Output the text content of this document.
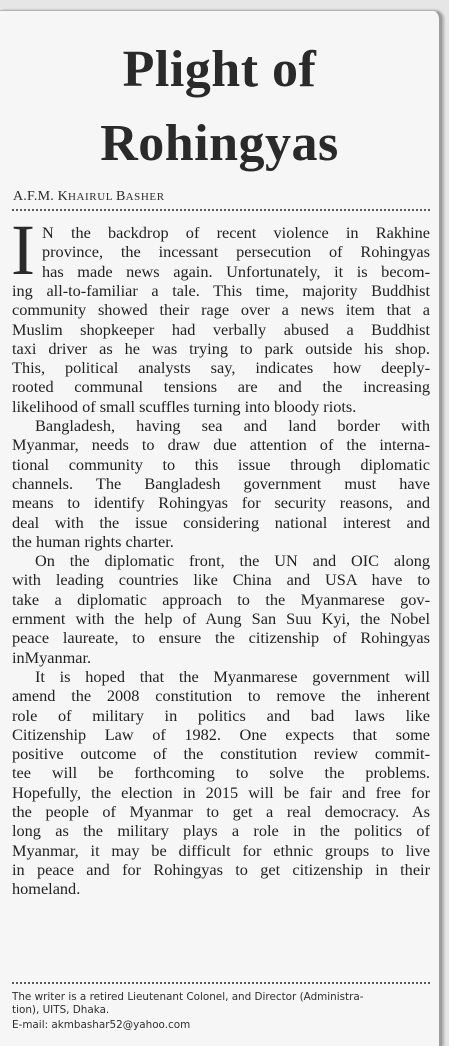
Plight of
Rohingyas
A.F.M. KHAIRUL BASHER
I N the backdrop of recent violence in Rakhine
province, the incessant persecution of Rohingyas
has made news again. Unfortunately, it is becom-
ing all-to-familiar a tale. This time, majority Buddhist
community showed their rage over a news item that a
Muslim shopkeeper had verbally abused a Buddhist
taxi driver as he was trying to park outside his shop.
This, political analysts say, indicates how deeply-
rooted communal tensions are and the increasing
likelihood of small scuffles turning into bloody riots.
Bangladesh, having sea and land border with
Myanmar, needs to draw due attention of the interna-
tional community to this issue through diplomatic
channels. The Bangladesh government must have
means to identify Rohingyas for security reasons, and
deal with the issue considering national interest and
the human rights charter.
On the diplomatic front, the UN and OIC along
with leading countries like China and USA have to
take a diplomatic approach to the Myanmarese gov-
ernment with the help of Aung San Suu Kyi, the Nobel
peace laureate, to ensure the citizenship of Rohingyas
inMyanmar.
It is hoped that the Myanmarese government will
amend the 2008 constitution to remove the inherent
role of military in politics and bad laws like
Citizenship Law of 1982. One expects that some
positive outcome of the constitution review commit-
tee will be forthcoming to solve the problems.
Hopefully, the election in 2015 will be fair and free for
the people of Myanmar to get a real democracy. As
long as the military plays a role in the politics of
Myanmar, it may be difficult for ethnic groups to live
in peace and for Rohingyas to get citizenship in their
homeland.
The writer is a retired Lieutenant Colonel, and Director (Administra-
tion), UITS, Dhaka.
E-mail: akmbashar52@yahoo.com
